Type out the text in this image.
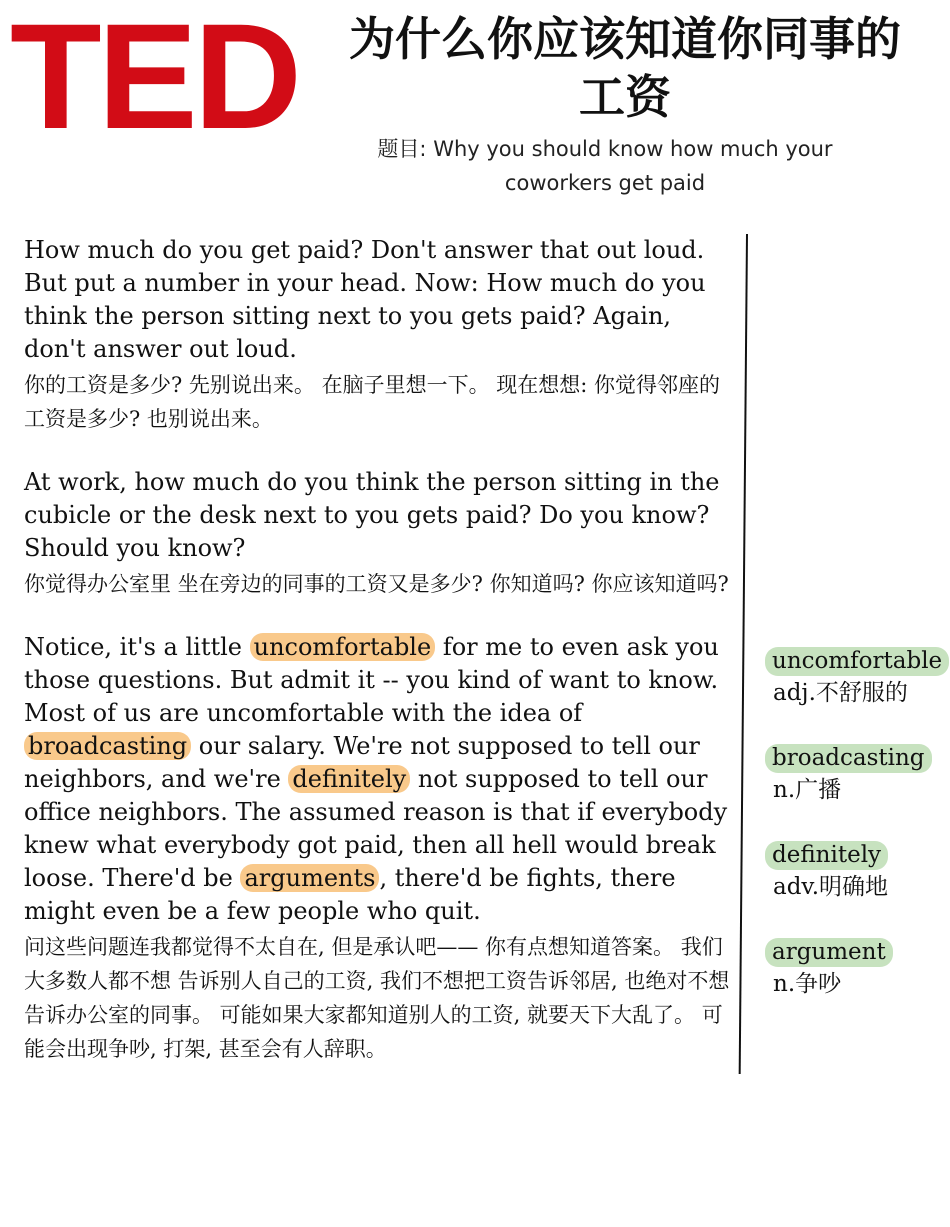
TED 为什么你应该知道你同事的工资
题目: Why you should know how much your coworkers get paid
How much do you get paid? Don't answer that out loud. But put a number in your head. Now: How much do you think the person sitting next to you gets paid? Again, don't answer out loud.
你的工资是多少? 先别说出来。 在脑子里想一下。 现在想想: 你觉得邻座的工资是多少? 也别说出来。
At work, how much do you think the person sitting in the cubicle or the desk next to you gets paid? Do you know? Should you know?
你觉得办公室里 坐在旁边的同事的工资又是多少? 你知道吗? 你应该知道吗?
Notice, it's a little uncomfortable for me to even ask you those questions. But admit it -- you kind of want to know. Most of us are uncomfortable with the idea of broadcasting our salary. We're not supposed to tell our neighbors, and we're definitely not supposed to tell our office neighbors. The assumed reason is that if everybody knew what everybody got paid, then all hell would break loose. There'd be arguments , there'd be fights, there might even be a few people who quit.
问这些问题连我都觉得不太自在, 但是承认吧—— 你有点想知道答案。 我们大多数人都不想 告诉别人自己的工资, 我们不想把工资告诉邻居, 也绝对不想告诉办公室的同事。 可能如果大家都知道别人的工资, 就要天下大乱了。 可能会出现争吵, 打架, 甚至会有人辞职。
uncomfortable
adj.不舒服的
broadcasting
n.广播
definitely
adv.明确地
argument
n.争吵
